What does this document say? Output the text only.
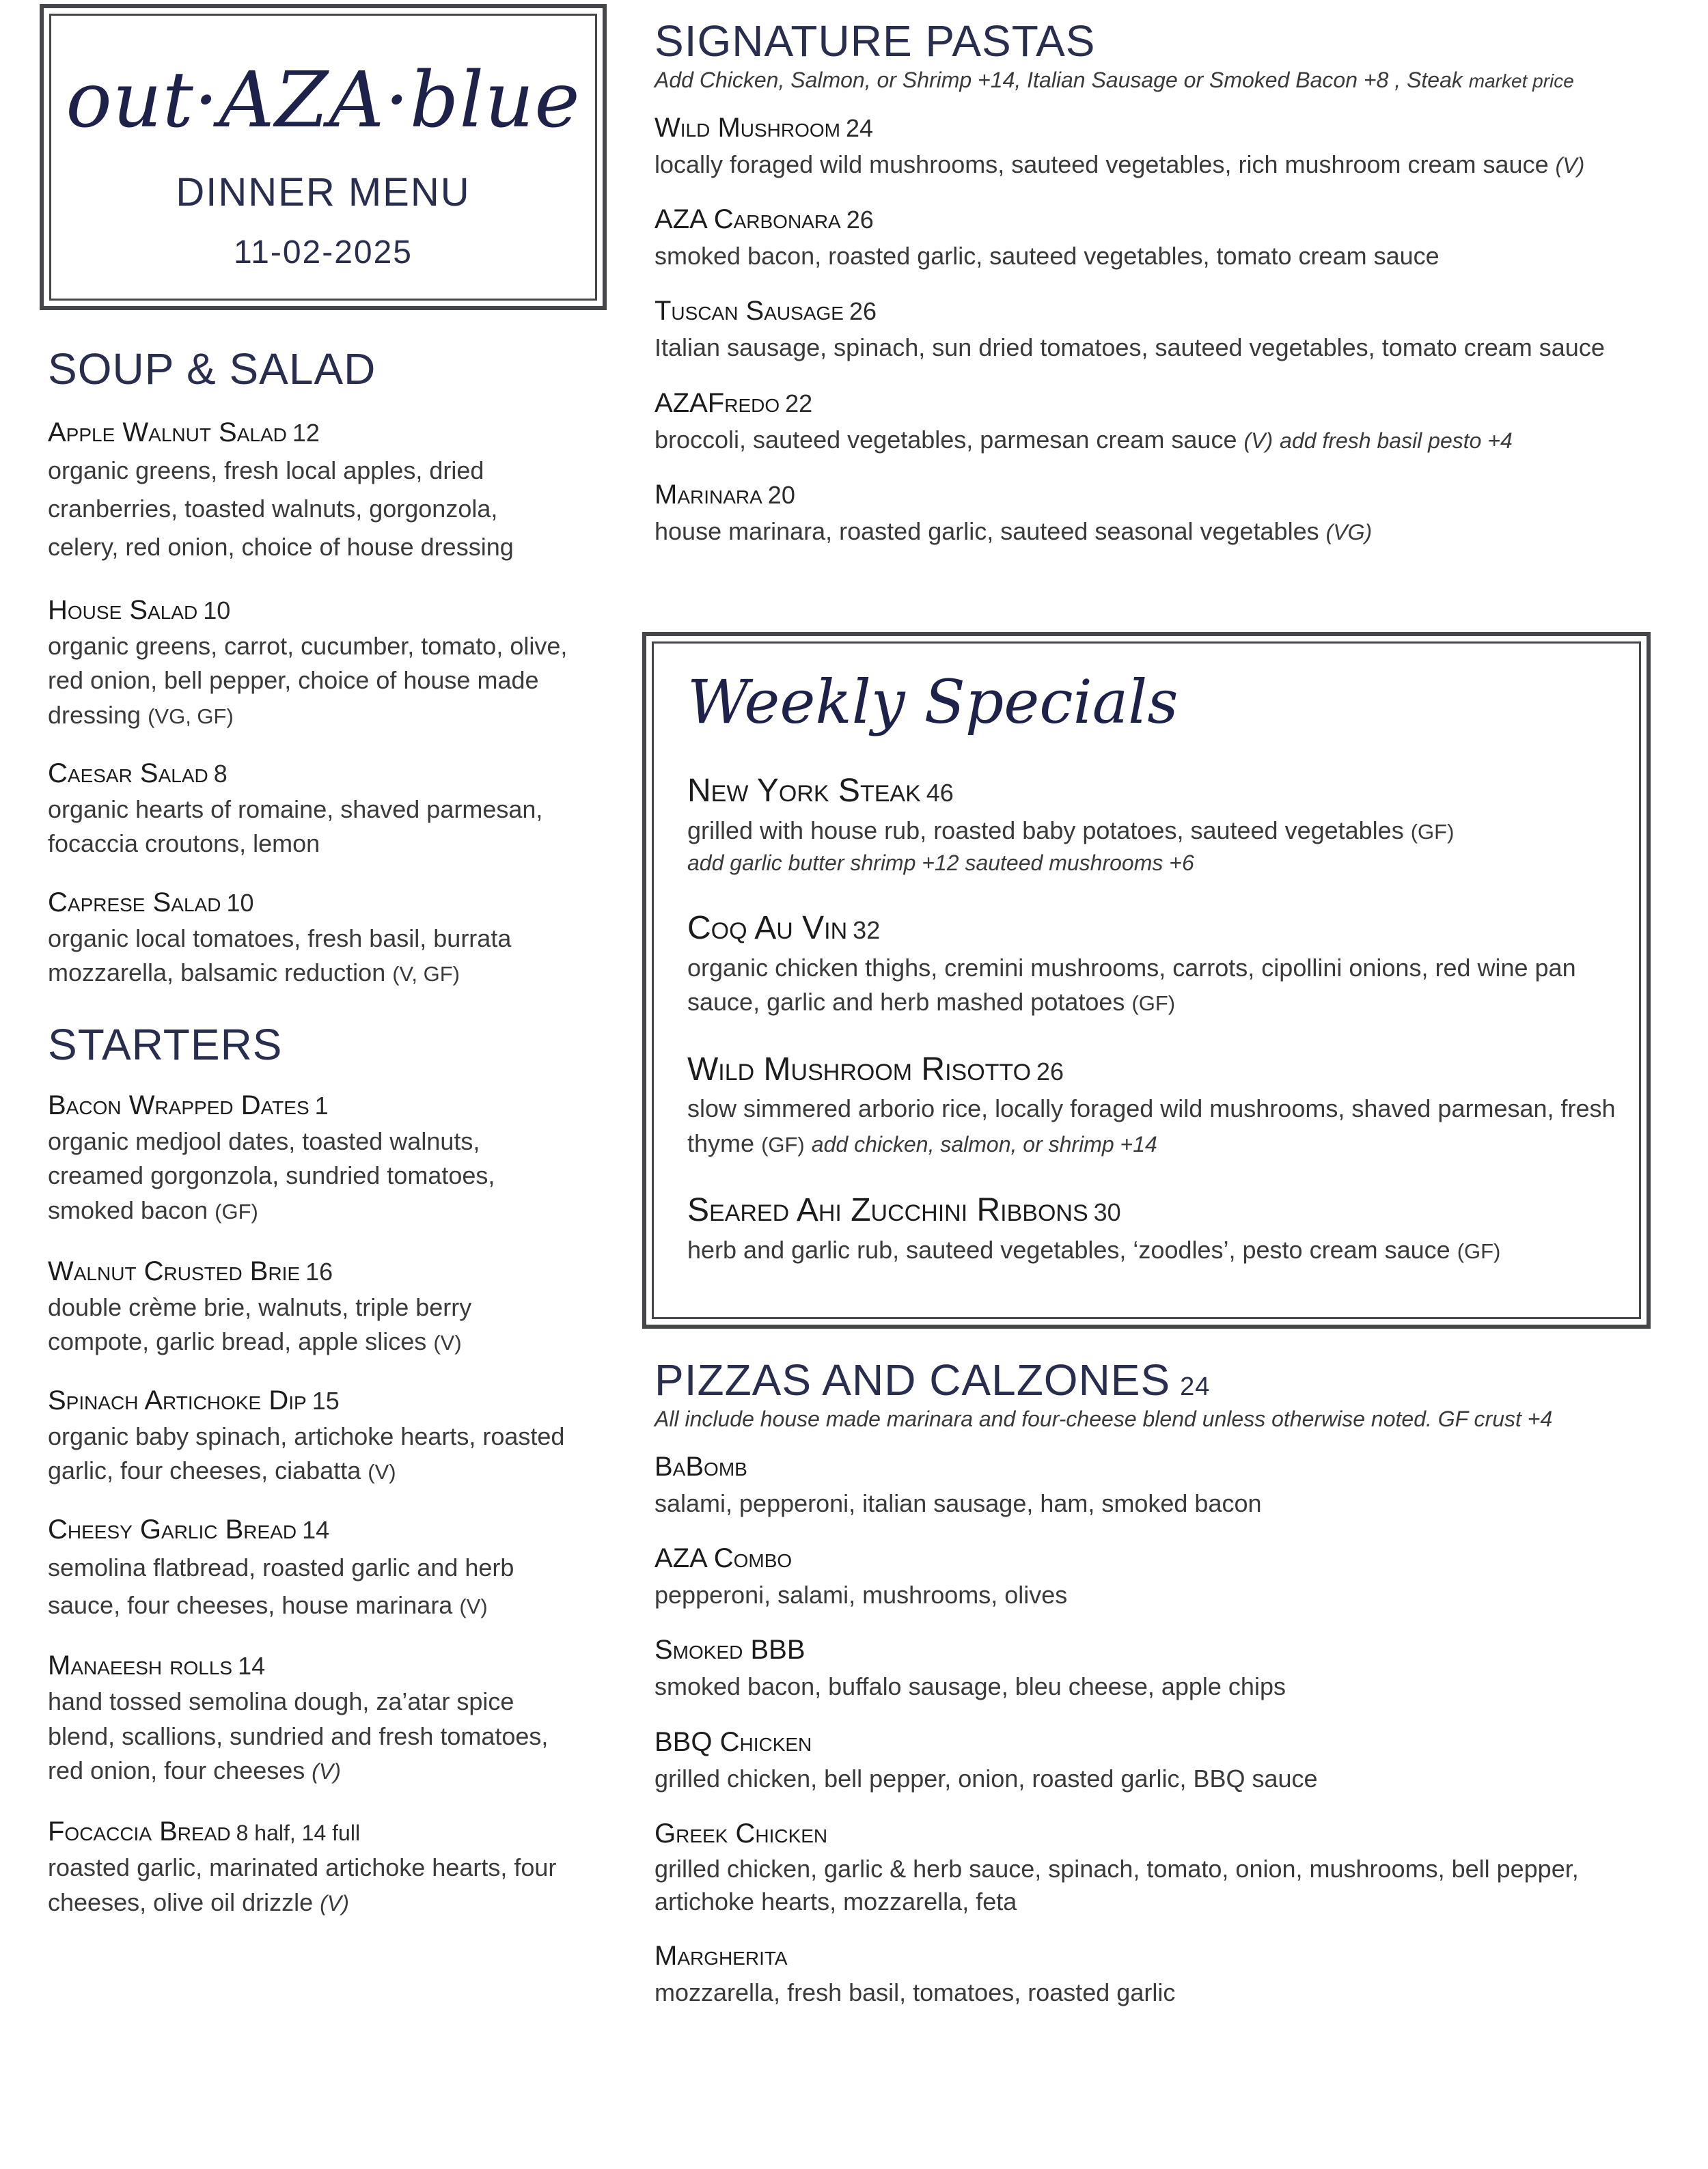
out·AZA·blue
DINNER MENU
11-02-2025
SOUP & SALAD
Apple Walnut Salad 12
organic greens, fresh local apples, dried cranberries, toasted walnuts, gorgonzola, celery, red onion, choice of house dressing
House Salad 10
organic greens, carrot, cucumber, tomato, olive, red onion, bell pepper, choice of house made dressing (VG, GF)
Caesar Salad 8
organic hearts of romaine, shaved parmesan, focaccia croutons, lemon
Caprese Salad 10
organic local tomatoes, fresh basil, burrata mozzarella, balsamic reduction (V, GF)
STARTERS
Bacon Wrapped Dates 1
organic medjool dates, toasted walnuts, creamed gorgonzola, sundried tomatoes, smoked bacon (GF)
Walnut Crusted Brie 16
double crème brie, walnuts, triple berry compote, garlic bread, apple slices (V)
Spinach Artichoke Dip 15
organic baby spinach, artichoke hearts, roasted garlic, four cheeses, ciabatta (V)
Cheesy Garlic Bread 14
semolina flatbread, roasted garlic and herb sauce, four cheeses, house marinara (V)
Manaeesh rolls 14
hand tossed semolina dough, za’atar spice blend, scallions, sundried and fresh tomatoes, red onion, four cheeses (V)
Focaccia Bread 8 half, 14 full
roasted garlic, marinated artichoke hearts, four cheeses, olive oil drizzle (V)
SIGNATURE PASTAS
Add Chicken, Salmon, or Shrimp +14, Italian Sausage or Smoked Bacon +8 , Steak market price
Wild Mushroom 24
locally foraged wild mushrooms, sauteed vegetables, rich mushroom cream sauce (V)
AZA Carbonara 26
smoked bacon, roasted garlic, sauteed vegetables, tomato cream sauce
Tuscan Sausage 26
Italian sausage, spinach, sun dried tomatoes, sauteed vegetables, tomato cream sauce
AZAFredo 22
broccoli, sauteed vegetables, parmesan cream sauce (V) add fresh basil pesto +4
Marinara 20
house marinara, roasted garlic, sauteed seasonal vegetables (VG)
Weekly Specials
New York Steak 46
grilled with house rub, roasted baby potatoes, sauteed vegetables (GF)
add garlic butter shrimp +12 sauteed mushrooms +6
Coq Au Vin 32
organic chicken thighs, cremini mushrooms, carrots, cipollini onions, red wine pan sauce, garlic and herb mashed potatoes (GF)
Wild Mushroom Risotto 26
slow simmered arborio rice, locally foraged wild mushrooms, shaved parmesan, fresh thyme (GF) add chicken, salmon, or shrimp +14
Seared Ahi Zucchini Ribbons 30
herb and garlic rub, sauteed vegetables, ‘zoodles’, pesto cream sauce (GF)
PIZZAS AND CALZONES 24
All include house made marinara and four-cheese blend unless otherwise noted. GF crust +4
BaBomb
salami, pepperoni, italian sausage, ham, smoked bacon
AZA Combo
pepperoni, salami, mushrooms, olives
Smoked BBB
smoked bacon, buffalo sausage, bleu cheese, apple chips
BBQ Chicken
grilled chicken, bell pepper, onion, roasted garlic, BBQ sauce
Greek Chicken
grilled chicken, garlic & herb sauce, spinach, tomato, onion, mushrooms, bell pepper, artichoke hearts, mozzarella, feta
Margherita
mozzarella, fresh basil, tomatoes, roasted garlic
